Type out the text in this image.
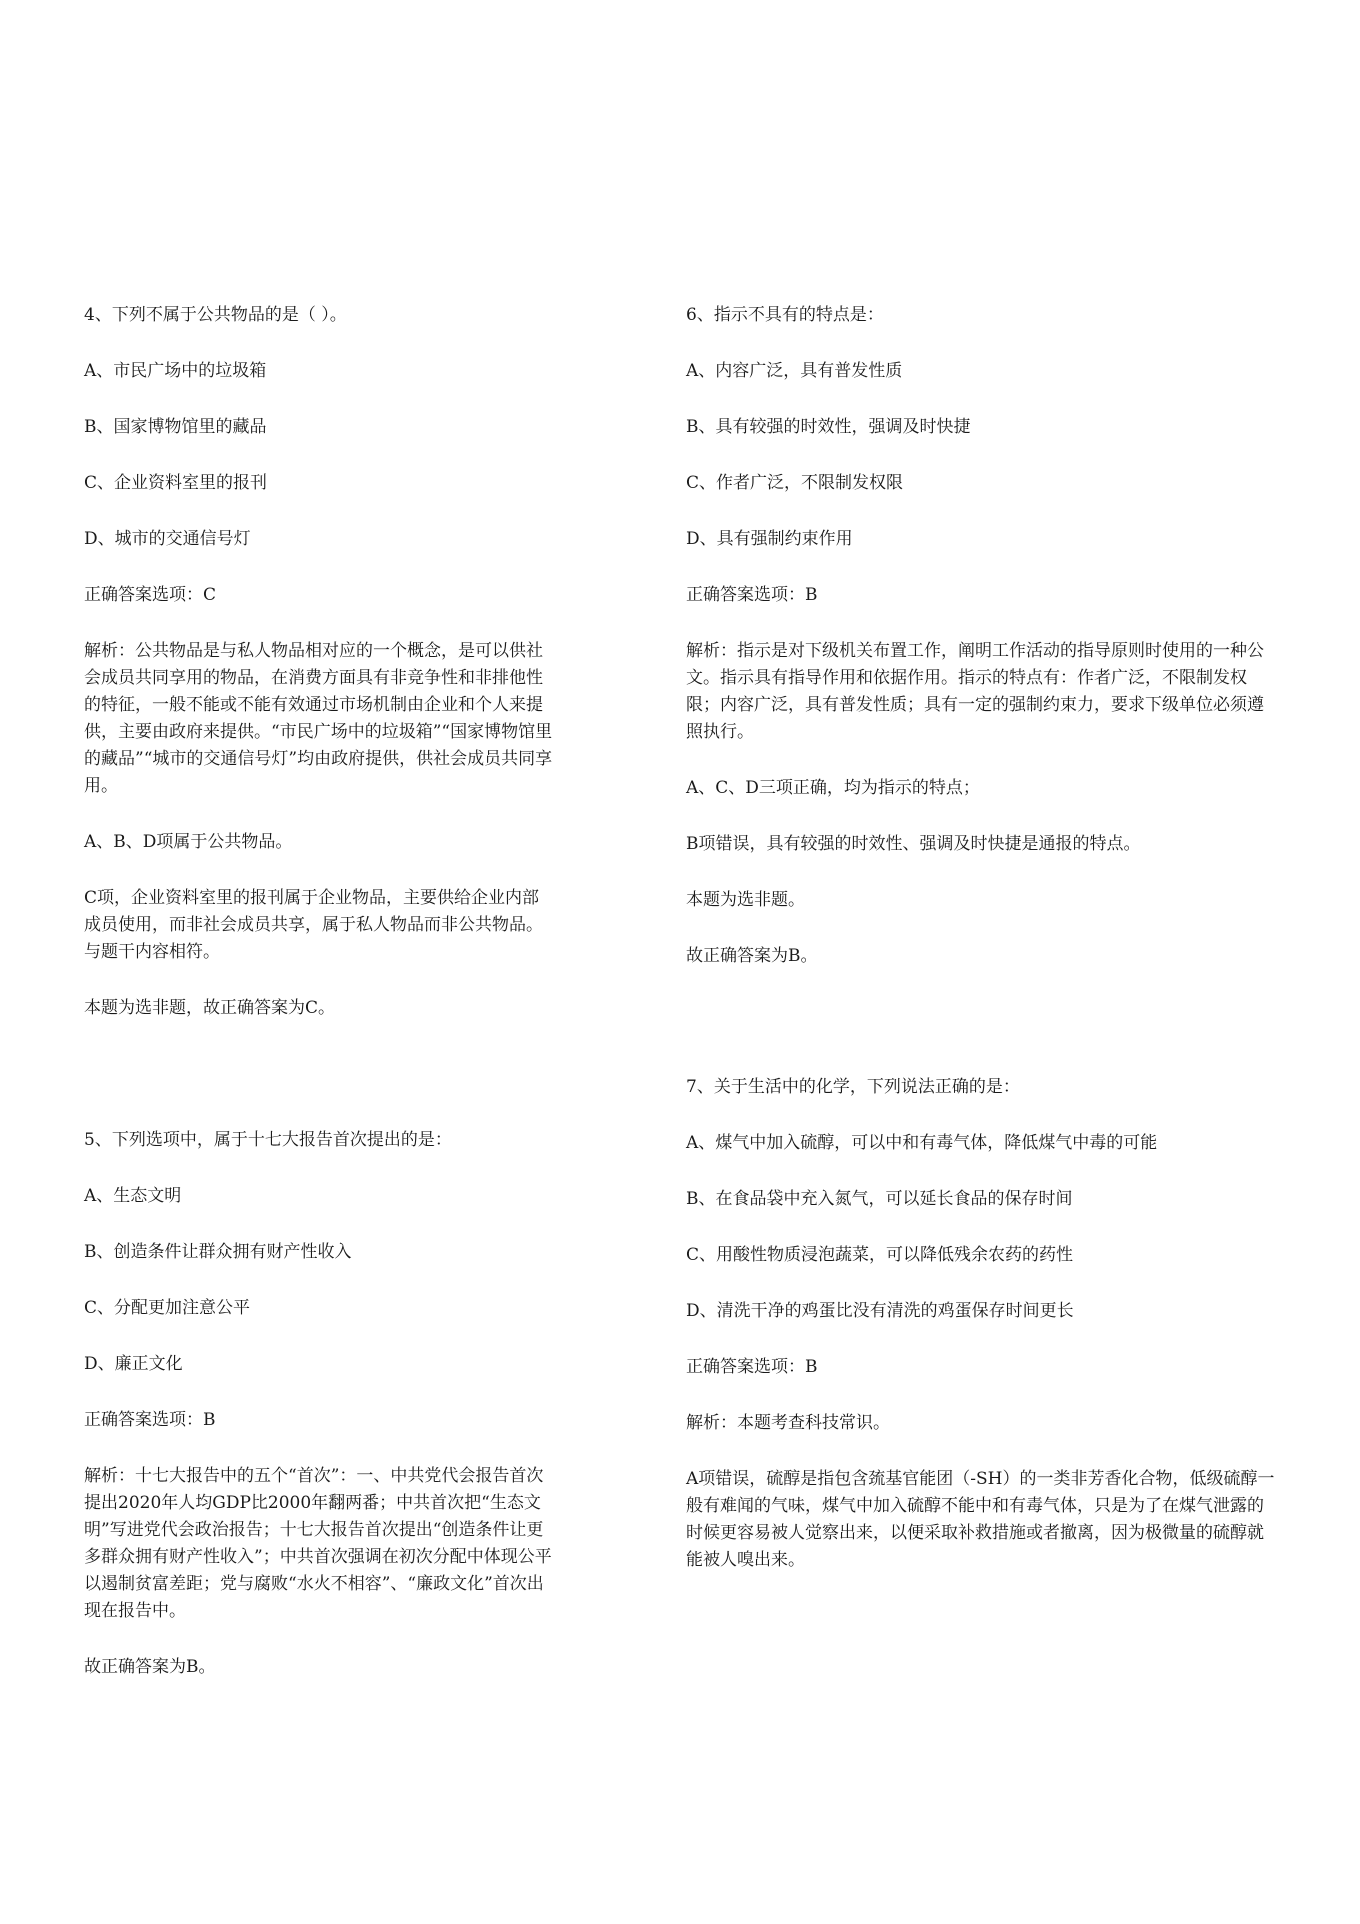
4、下列不属于公共物品的是（ ）。
A、市民广场中的垃圾箱
B、国家博物馆里的藏品
C、企业资料室里的报刊
D、城市的交通信号灯
正确答案选项：C
解析：公共物品是与私人物品相对应的一个概念，是可以供社会成员共同享用的物品，在消费方面具有非竞争性和非排他性的特征，一般不能或不能有效通过市场机制由企业和个人来提供，主要由政府来提供。“市民广场中的垃圾箱”“国家博物馆里的藏品”“城市的交通信号灯”均由政府提供，供社会成员共同享用。
A、B、D项属于公共物品。
C项，企业资料室里的报刊属于企业物品，主要供给企业内部成员使用，而非社会成员共享，属于私人物品而非公共物品。与题干内容相符。
本题为选非题，故正确答案为C。
5、下列选项中，属于十七大报告首次提出的是：
A、生态文明
B、创造条件让群众拥有财产性收入
C、分配更加注意公平
D、廉正文化
正确答案选项：B
解析：十七大报告中的五个“首次”：一、中共党代会报告首次提出2020年人均GDP比2000年翻两番；中共首次把“生态文明”写进党代会政治报告；十七大报告首次提出“创造条件让更多群众拥有财产性收入”；中共首次强调在初次分配中体现公平以遏制贫富差距；党与腐败“水火不相容”、“廉政文化”首次出现在报告中。
故正确答案为B。
6、指示不具有的特点是：
A、内容广泛，具有普发性质
B、具有较强的时效性，强调及时快捷
C、作者广泛，不限制发权限
D、具有强制约束作用
正确答案选项：B
解析：指示是对下级机关布置工作，阐明工作活动的指导原则时使用的一种公文。指示具有指导作用和依据作用。指示的特点有：作者广泛，不限制发权限；内容广泛，具有普发性质；具有一定的强制约束力，要求下级单位必须遵照执行。
A、C、D三项正确，均为指示的特点；
B项错误，具有较强的时效性、强调及时快捷是通报的特点。
本题为选非题。
故正确答案为B。
7、关于生活中的化学，下列说法正确的是：
A、煤气中加入硫醇，可以中和有毒气体，降低煤气中毒的可能
B、在食品袋中充入氮气，可以延长食品的保存时间
C、用酸性物质浸泡蔬菜，可以降低残余农药的药性
D、清洗干净的鸡蛋比没有清洗的鸡蛋保存时间更长
正确答案选项：B
解析：本题考查科技常识。
A项错误，硫醇是指包含巯基官能团（-SH）的一类非芳香化合物，低级硫醇一般有难闻的气味，煤气中加入硫醇不能中和有毒气体，只是为了在煤气泄露的时候更容易被人觉察出来，以便采取补救措施或者撤离，因为极微量的硫醇就能被人嗅出来。
